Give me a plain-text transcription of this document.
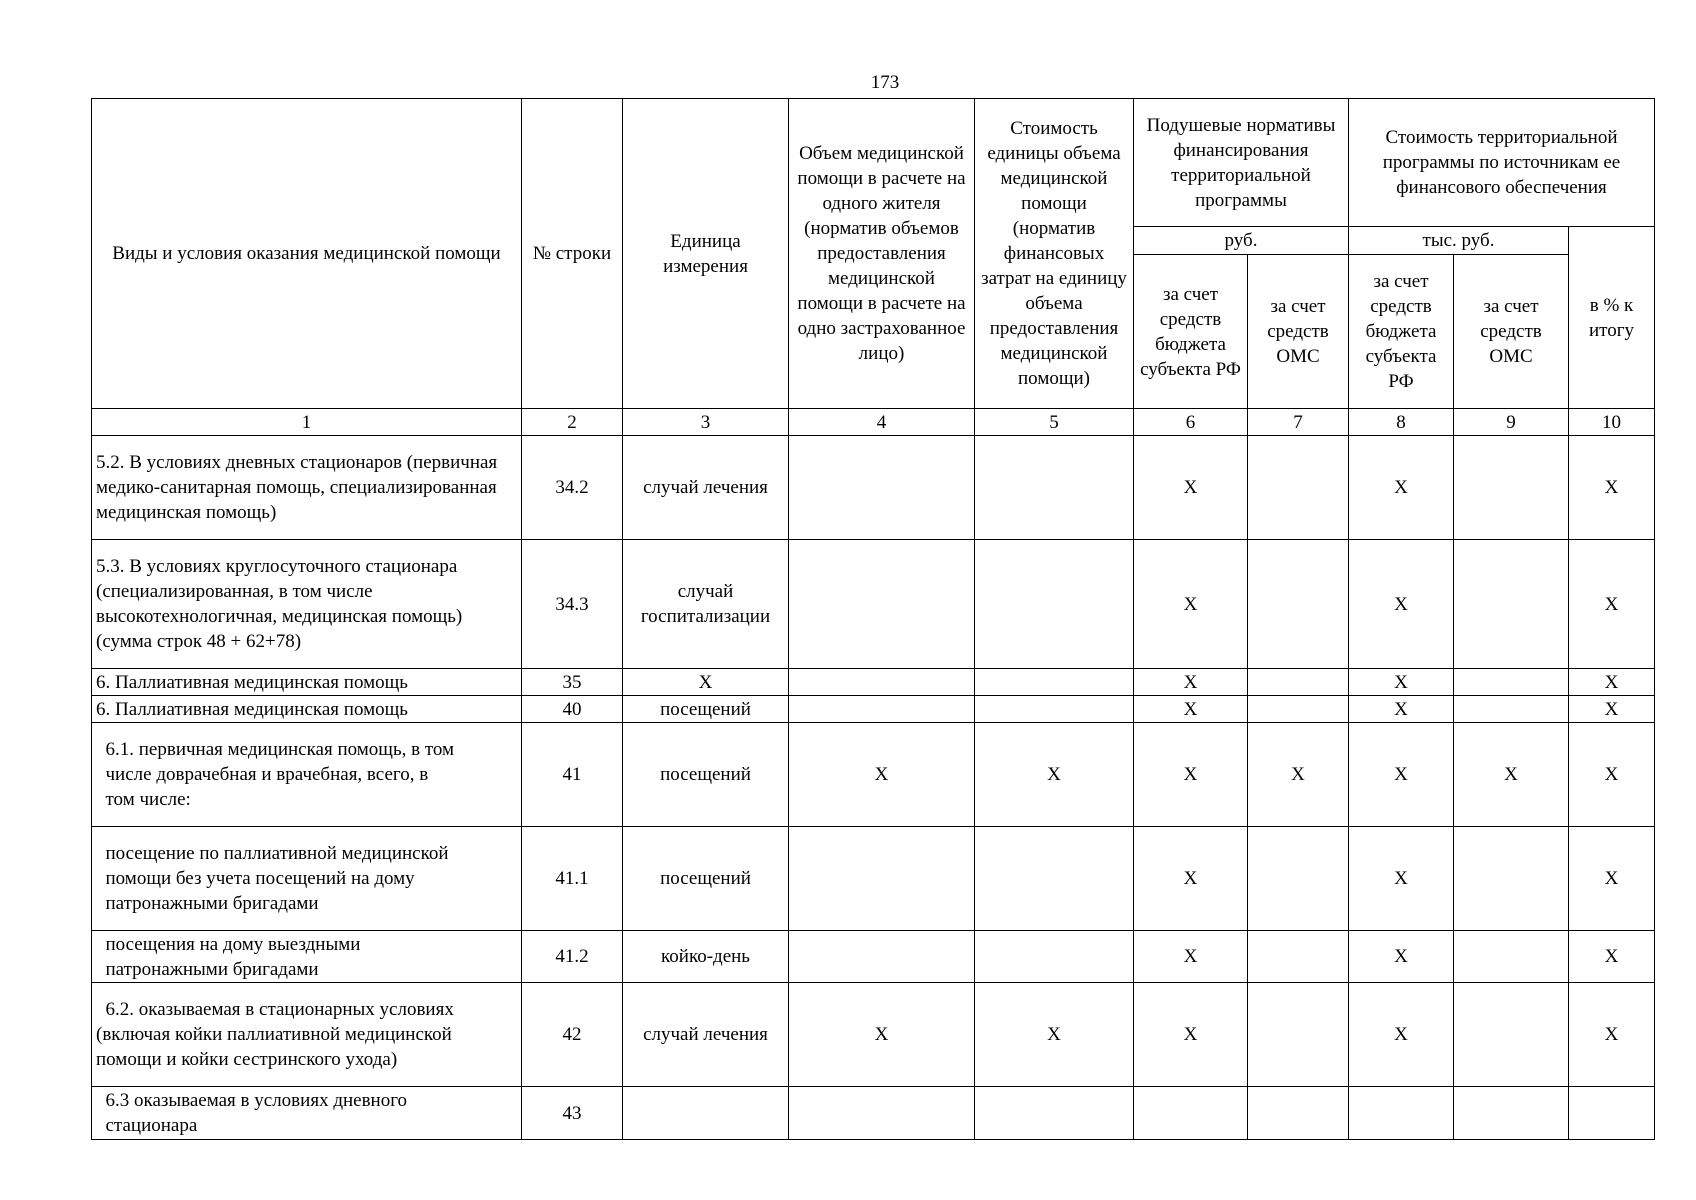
173
Виды и условия оказания медицинской помощи	№ строки	Единица измерения	Объем медицинской помощи в расчете на одного жителя (норматив объемов предоставления медицинской помощи в расчете на одно застрахованное лицо)	Стоимость единицы объема медицинской помощи (норматив финансовых затрат на единицу объема предоставления медицинской помощи)	Подушевые нормативы финансирования территориальной программы		Стоимость территориальной программы по источникам ее финансового обеспечения		
					руб.		тыс. руб.		в % к итогу
					за счет средств бюджета субъекта РФ	за счет средств ОМС	за счет средств бюджета субъекта РФ	за счет средств ОМС	
1	2	3	4	5	6	7	8	9	10
5.2. В условиях дневных стационаров (первичная медико-санитарная помощь, специализированная медицинская помощь)	34.2	случай лечения			X		X		X
5.3. В условиях круглосуточного стационара (специализированная, в том числе высокотехнологичная, медицинская помощь)
(сумма строк 48 + 62+78)	34.3	случай госпитализации			X		X		X
6. Паллиативная медицинская помощь	35	X			X		X		X
6. Паллиативная медицинская помощь	40	посещений			X		X		X
6.1. первичная медицинская помощь, в том
числе доврачебная и врачебная, всего, в
том числе:	41	посещений	X	X	X	X	X	X	X
посещение по паллиативной медицинской
помощи без учета посещений на дому
патронажными бригадами	41.1	посещений			X		X		X
посещения на дому выездными
патронажными бригадами	41.2	койко-день			X		X		X
6.2. оказываемая в стационарных условиях   (включая койки паллиативной медицинской    помощи и койки сестринского ухода)	42	случай лечения	X	X	X		X		X
6.3 оказываемая в условиях дневного
стационара	43								
